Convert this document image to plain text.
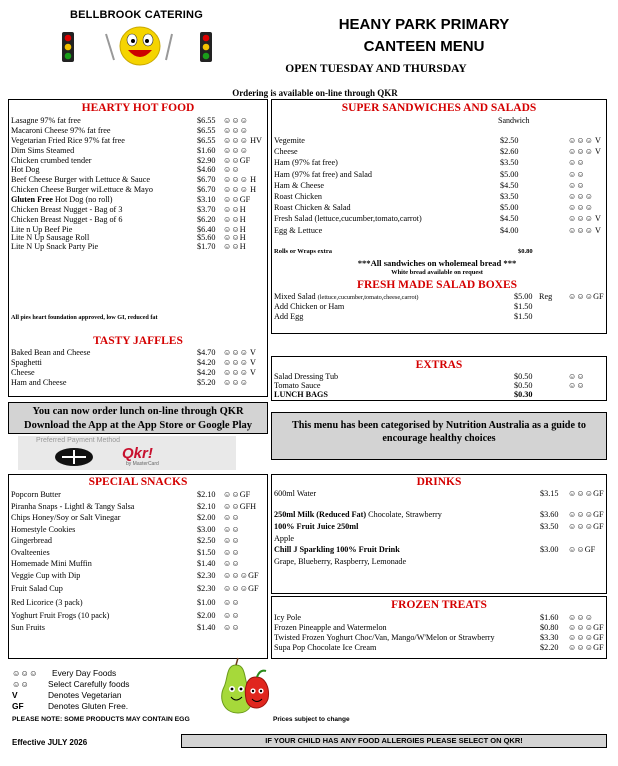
BELLBROOK CATERING
HEANY PARK PRIMARY
CANTEEN MENU
OPEN TUESDAY AND THURSDAY
Ordering is available on-line through QKR
HEARTY HOT FOOD
Lasagne 97% fat free	$6.55 ☺☺☺
Macaroni Cheese 97% fat free	$6.55 ☺☺☺
Vegetarian Fried Rice 97% fat free	$6.55 ☺☺☺ HV
Dim Sims Steamed	$1.60 ☺☺☺
Chicken crumbed tender	$2.90 ☺☺GF
Hot Dog	$4.60 ☺☺
Beef Cheese Burger with Lettuce & Sauce	$6.70 ☺☺☺ H
Chicken Cheese Burger wiLettuce & Mayo	$6.70 ☺☺☺ H
Gluten Free Hot Dog (no roll)	$3.10 ☺☺GF
Chicken Breast Nugget - Bag of 3	$3.70 ☺☺H
Chicken Breast Nugget - Bag of 6	$6.20 ☺☺H
Lite n Up Beef Pie	$6.40 ☺☺H
Lite N Up Sausage Roll	$5.60 ☺☺H
Lite N Up Snack Party Pie	$1.70 ☺☺H
All pies heart foundation approved, low GI, reduced fat
SUPER SANDWICHES AND SALADS
Sandwich
Vegemite	$2.50	☺☺☺ V
Cheese	$2.60	☺☺☺ V
Ham (97% fat free)	$3.50	☺☺
Ham (97% fat free) and Salad	$5.00	☺☺
Ham & Cheese	$4.50	☺☺
Roast Chicken	$3.50	☺☺☺
Roast Chicken & Salad	$5.00	☺☺☺
Fresh Salad (lettuce,cucumber,tomato,carrot)	$4.50	☺☺☺ V
Egg & Lettuce	$4.00	☺☺☺ V
Rolls or Wraps extra	$0.80
***All sandwiches on wholemeal bread ***
White bread available on request
FRESH MADE SALAD BOXES
Mixed Salad (lettuce,cucumber,tomato,cheese,carrot)	$5.00 Reg ☺☺☺GF
Add Chicken or Ham	$1.50
Add Egg	$1.50
TASTY JAFFLES
Baked Bean and Cheese	$4.70 ☺☺☺ V
Spaghetti	$4.20 ☺☺☺ V
Cheese	$4.20 ☺☺☺ V
Ham and Cheese	$5.20 ☺☺☺
EXTRAS
Salad Dressing Tub	$0.50	☺☺
Tomato Sauce	$0.50	☺☺
LUNCH BAGS	$0.30
You can now order lunch on-line through QKR
Download the App at the App Store or Google Play
Preferred Payment Method
Qkr!
by MasterCard
This menu has been categorised by Nutrition Australia as a guide to encourage healthy choices
SPECIAL SNACKS
Popcorn Butter	$2.10 ☺☺GF
Piranha Snaps - Lightl & Tangy Salsa	$2.10 ☺☺GFH
Chips Honey/Soy or Salt Vinegar	$2.00 ☺☺
Homestyle Cookies	$3.00 ☺☺
Gingerbread	$2.50 ☺☺
Ovalteenies	$1.50 ☺☺
Homemade Mini Muffin	$1.40 ☺☺
Veggie Cup with Dip	$2.30 ☺☺☺GF
Fruit Salad Cup	$2.30 ☺☺☺GF
Red Licorice (3 pack)	$1.00 ☺☺
Yoghurt Fruit Frogs (10 pack)	$2.00 ☺☺
Sun Fruits	$1.40 ☺☺
DRINKS
600ml Water	$3.15 ☺☺☺GF
250ml Milk (Reduced Fat) Chocolate, Strawberry	$3.60 ☺☺☺GF
100% Fruit Juice 250ml	$3.50 ☺☺☺GF
Apple
Chill J Sparkling 100% Fruit Drink	$3.00 ☺☺GF
Grape, Blueberry, Raspberry, Lemonade
FROZEN TREATS
Icy Pole	$1.60 ☺☺☺
Frozen Pineapple and Watermelon	$0.80 ☺☺☺GF
Twisted Frozen Yoghurt Choc/Van, Mango/W'Melon or Strawberry	$3.30 ☺☺☺GF
Supa Pop Chocolate Ice Cream	$2.20 ☺☺☺GF
☺☺☺ Every Day Foods
☺☺ Select Carefully foods
V	Denotes Vegetarian
GF	Denotes Gluten Free.
PLEASE NOTE: SOME PRODUCTS MAY CONTAIN EGG	Prices subject to change
Effective JULY 2026	IF YOUR CHILD HAS ANY FOOD ALLERGIES PLEASE SELECT ON QKR!
